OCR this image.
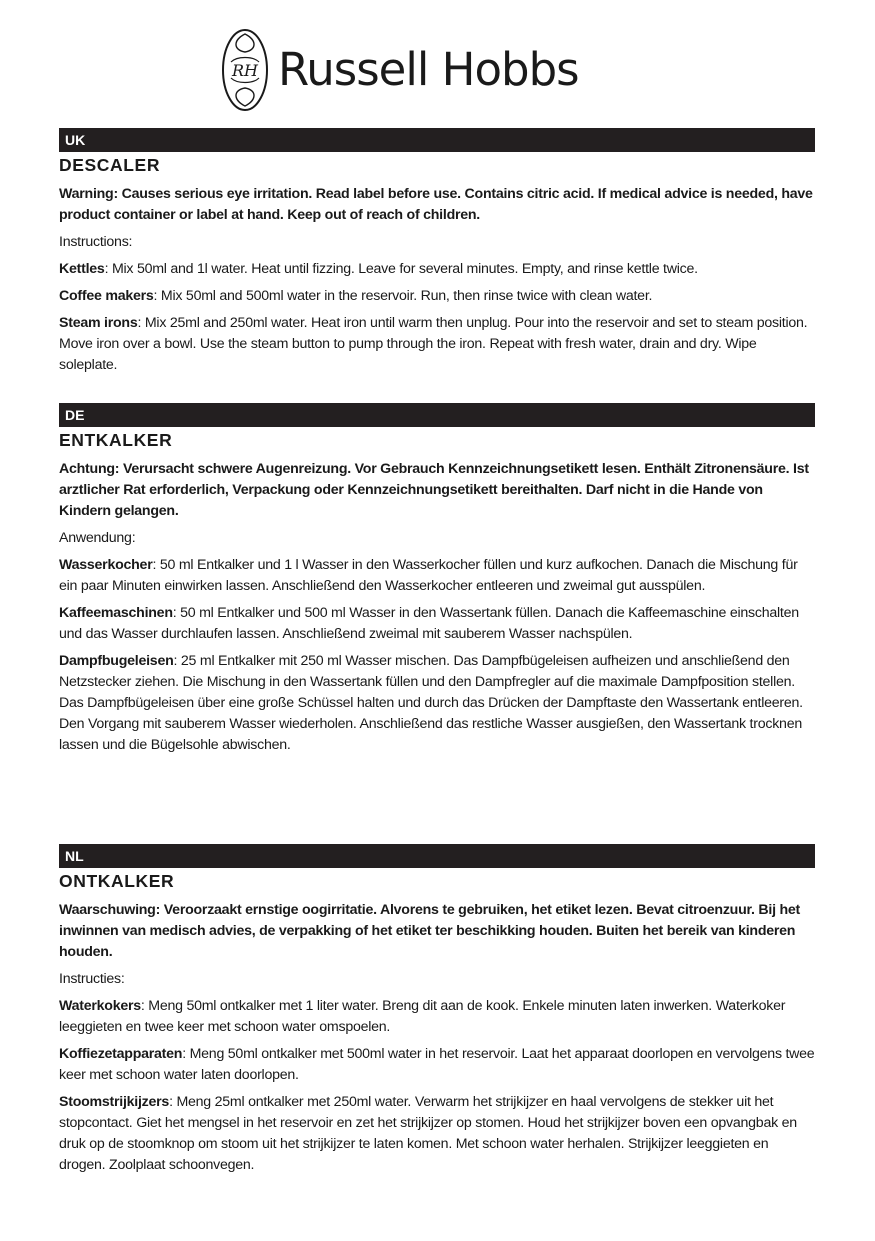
RH Russell Hobbs
UK
DESCALER

Warning: Causes serious eye irritation. Read label before use. Contains citric acid. If medical advice is needed, have product container or label at hand. Keep out of reach of children.

Instructions:

Kettles: Mix 50ml and 1l water. Heat until fizzing. Leave for several minutes. Empty, and rinse kettle twice.

Coffee makers: Mix 50ml and 500ml water in the reservoir. Run, then rinse twice with clean water.

Steam irons: Mix 25ml and 250ml water. Heat iron until warm then unplug. Pour into the reservoir and set to steam position. Move iron over a bowl. Use the steam button to pump through the iron. Repeat with fresh water, drain and dry. Wipe soleplate.

DE
ENTKALKER

Achtung: Verursacht schwere Augenreizung. Vor Gebrauch Kennzeichnungsetikett lesen. Enthält Zitronensäure. Ist arztlicher Rat erforderlich, Verpackung oder Kennzeichnungsetikett bereithalten. Darf nicht in die Hande von Kindern gelangen.

Anwendung:

Wasserkocher: 50 ml Entkalker und 1 l Wasser in den Wasserkocher füllen und kurz aufkochen. Danach die Mischung für ein paar Minuten einwirken lassen. Anschließend den Wasserkocher entleeren und zweimal gut ausspülen.

Kaffeemaschinen: 50 ml Entkalker und 500 ml Wasser in den Wassertank füllen. Danach die Kaffeemaschine einschalten und das Wasser durchlaufen lassen. Anschließend zweimal mit sauberem Wasser nachspülen.

Dampfbugeleisen: 25 ml Entkalker mit 250 ml Wasser mischen. Das Dampfbügeleisen aufheizen und anschließend den Netzstecker ziehen. Die Mischung in den Wassertank füllen und den Dampfregler auf die maximale Dampfposition stellen. Das Dampfbügeleisen über eine große Schüssel halten und durch das Drücken der Dampftaste den Wassertank entleeren. Den Vorgang mit sauberem Wasser wiederholen. Anschließend das restliche Wasser ausgießen, den Wassertank trocknen lassen und die Bügelsohle abwischen.

NL
ONTKALKER

Waarschuwing: Veroorzaakt ernstige oogirritatie. Alvorens te gebruiken, het etiket lezen. Bevat citroenzuur. Bij het inwinnen van medisch advies, de verpakking of het etiket ter beschikking houden. Buiten het bereik van kinderen houden.

Instructies:

Waterkokers: Meng 50ml ontkalker met 1 liter water. Breng dit aan de kook. Enkele minuten laten inwerken. Waterkoker leeggieten en twee keer met schoon water omspoelen.

Koffiezetapparaten: Meng 50ml ontkalker met 500ml water in het reservoir. Laat het apparaat doorlopen en vervolgens twee keer met schoon water laten doorlopen.

Stoomstrijkijzers: Meng 25ml ontkalker met 250ml water. Verwarm het strijkijzer en haal vervolgens de stekker uit het stopcontact. Giet het mengsel in het reservoir en zet het strijkijzer op stomen. Houd het strijkijzer boven een opvangbak en druk op de stoomknop om stoom uit het strijkijzer te laten komen. Met schoon water herhalen. Strijkijzer leeggieten en drogen. Zoolplaat schoonvegen.
